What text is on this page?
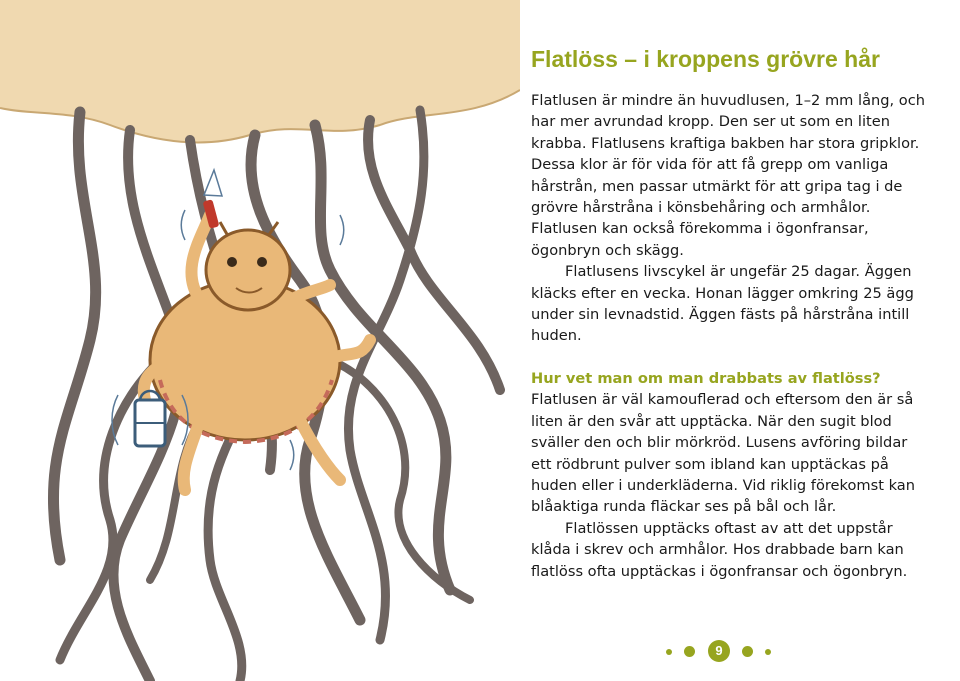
Flatlöss – i kroppens grövre hår

Flatlusen är mindre än huvudlusen, 1–2 mm lång, och har mer avrundad kropp. Den ser ut som en liten krabba. Flatlusens kraftiga bakben har stora gripklor. Dessa klor är för vida för att få grepp om vanliga hårstrån, men passar utmärkt för att gripa tag i de grövre hårstråna i könsbehåring och armhålor. Flatlusen kan också förekomma i ögonfransar, ögonbryn och skägg.

Flatlusens livscykel är ungefär 25 dagar. Äggen kläcks efter en vecka. Honan lägger omkring 25 ägg under sin levnadstid. Äggen fästs på hårstråna intill huden.

Hur vet man om man drabbats av flatlöss?

Flatlusen är väl kamouflerad och eftersom den är så liten är den svår att upptäcka. När den sugit blod sväller den och blir mörkröd. Lusens avföring bildar ett rödbrunt pulver som ibland kan upptäckas på huden eller i underkläderna. Vid riklig förekomst kan blåaktiga runda fläckar ses på bål och lår.

Flatlössen upptäcks oftast av att det uppstår klåda i skrev och armhålor. Hos drabbade barn kan flatlöss ofta upptäckas i ögonfransar och ögonbryn.

9
